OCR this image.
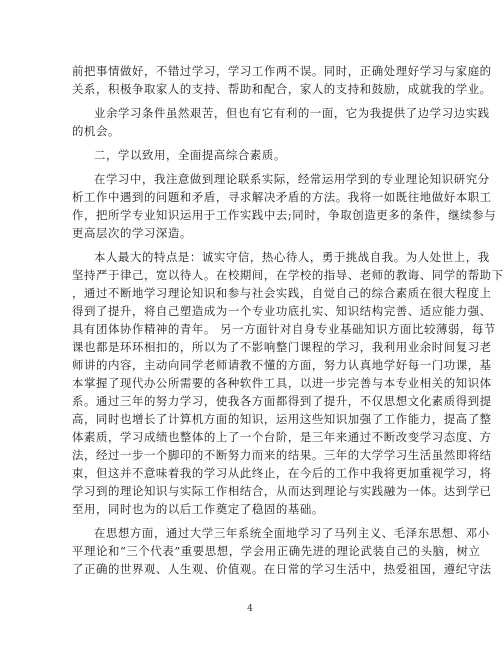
前把事情做好，不错过学习，学习工作两不误。同时，正确处理好学习与家庭的
关系，积极争取家人的支持、帮助和配合，家人的支持和鼓励，成就我的学业。
业余学习条件虽然艰苦，但也有它有利的一面，它为我提供了边学习边实践
的机会。
二，学以致用，全面提高综合素质。
在学习中，我注意做到理论联系实际，经常运用学到的专业理论知识研究分
析工作中遇到的问题和矛盾，寻求解决矛盾的方法。我将一如既往地做好本职工
作，把所学专业知识运用于工作实践中去;同时，争取创造更多的条件，继续参与
更高层次的学习深造。
本人最大的特点是：诚实守信，热心待人，勇于挑战自我。为人处世上，我
坚持严于律己，宽以待人。在校期间，在学校的指导、老师的教诲、同学的帮助下
，通过不断地学习理论知识和参与社会实践，自觉自己的综合素质在很大程度上
得到了提升，将自己塑造成为一个专业功底扎实、知识结构完善、适应能力强、
具有团体协作精神的青年。 另一方面针对自身专业基础知识方面比较薄弱，每节
课也都是环环相扣的，所以为了不影响整门课程的学习，我利用业余时间复习老
师讲的内容，主动向同学老师请教不懂的方面，努力认真地学好每一门功课，基
本掌握了现代办公所需要的各种软件工具，以进一步完善与本专业相关的知识体
系。通过三年的努力学习，使我各方面都得到了提升，不仅思想文化素质得到提
高，同时也增长了计算机方面的知识，运用这些知识加强了工作能力，提高了整
体素质，学习成绩也整体的上了一个台阶，是三年来通过不断改变学习态度、方
法，经过一步一个脚印的不断努力而来的结果。三年的大学学习生活虽然即将结
束，但这并不意味着我的学习从此终止，在今后的工作中我将更加重视学习，将
学习到的理论知识与实际工作相结合，从而达到理论与实践融为一体。达到学已
至用，同时也为的以后工作奠定了稳固的基础。
在思想方面，通过大学三年系统全面地学习了马列主义、毛泽东思想、邓小
平理论和“三个代表”重要思想，学会用正确先进的理论武装自己的头脑，树立
了正确的世界观、人生观、价值观。在日常的学习生活中，热爱祖国，遵纪守法
4
